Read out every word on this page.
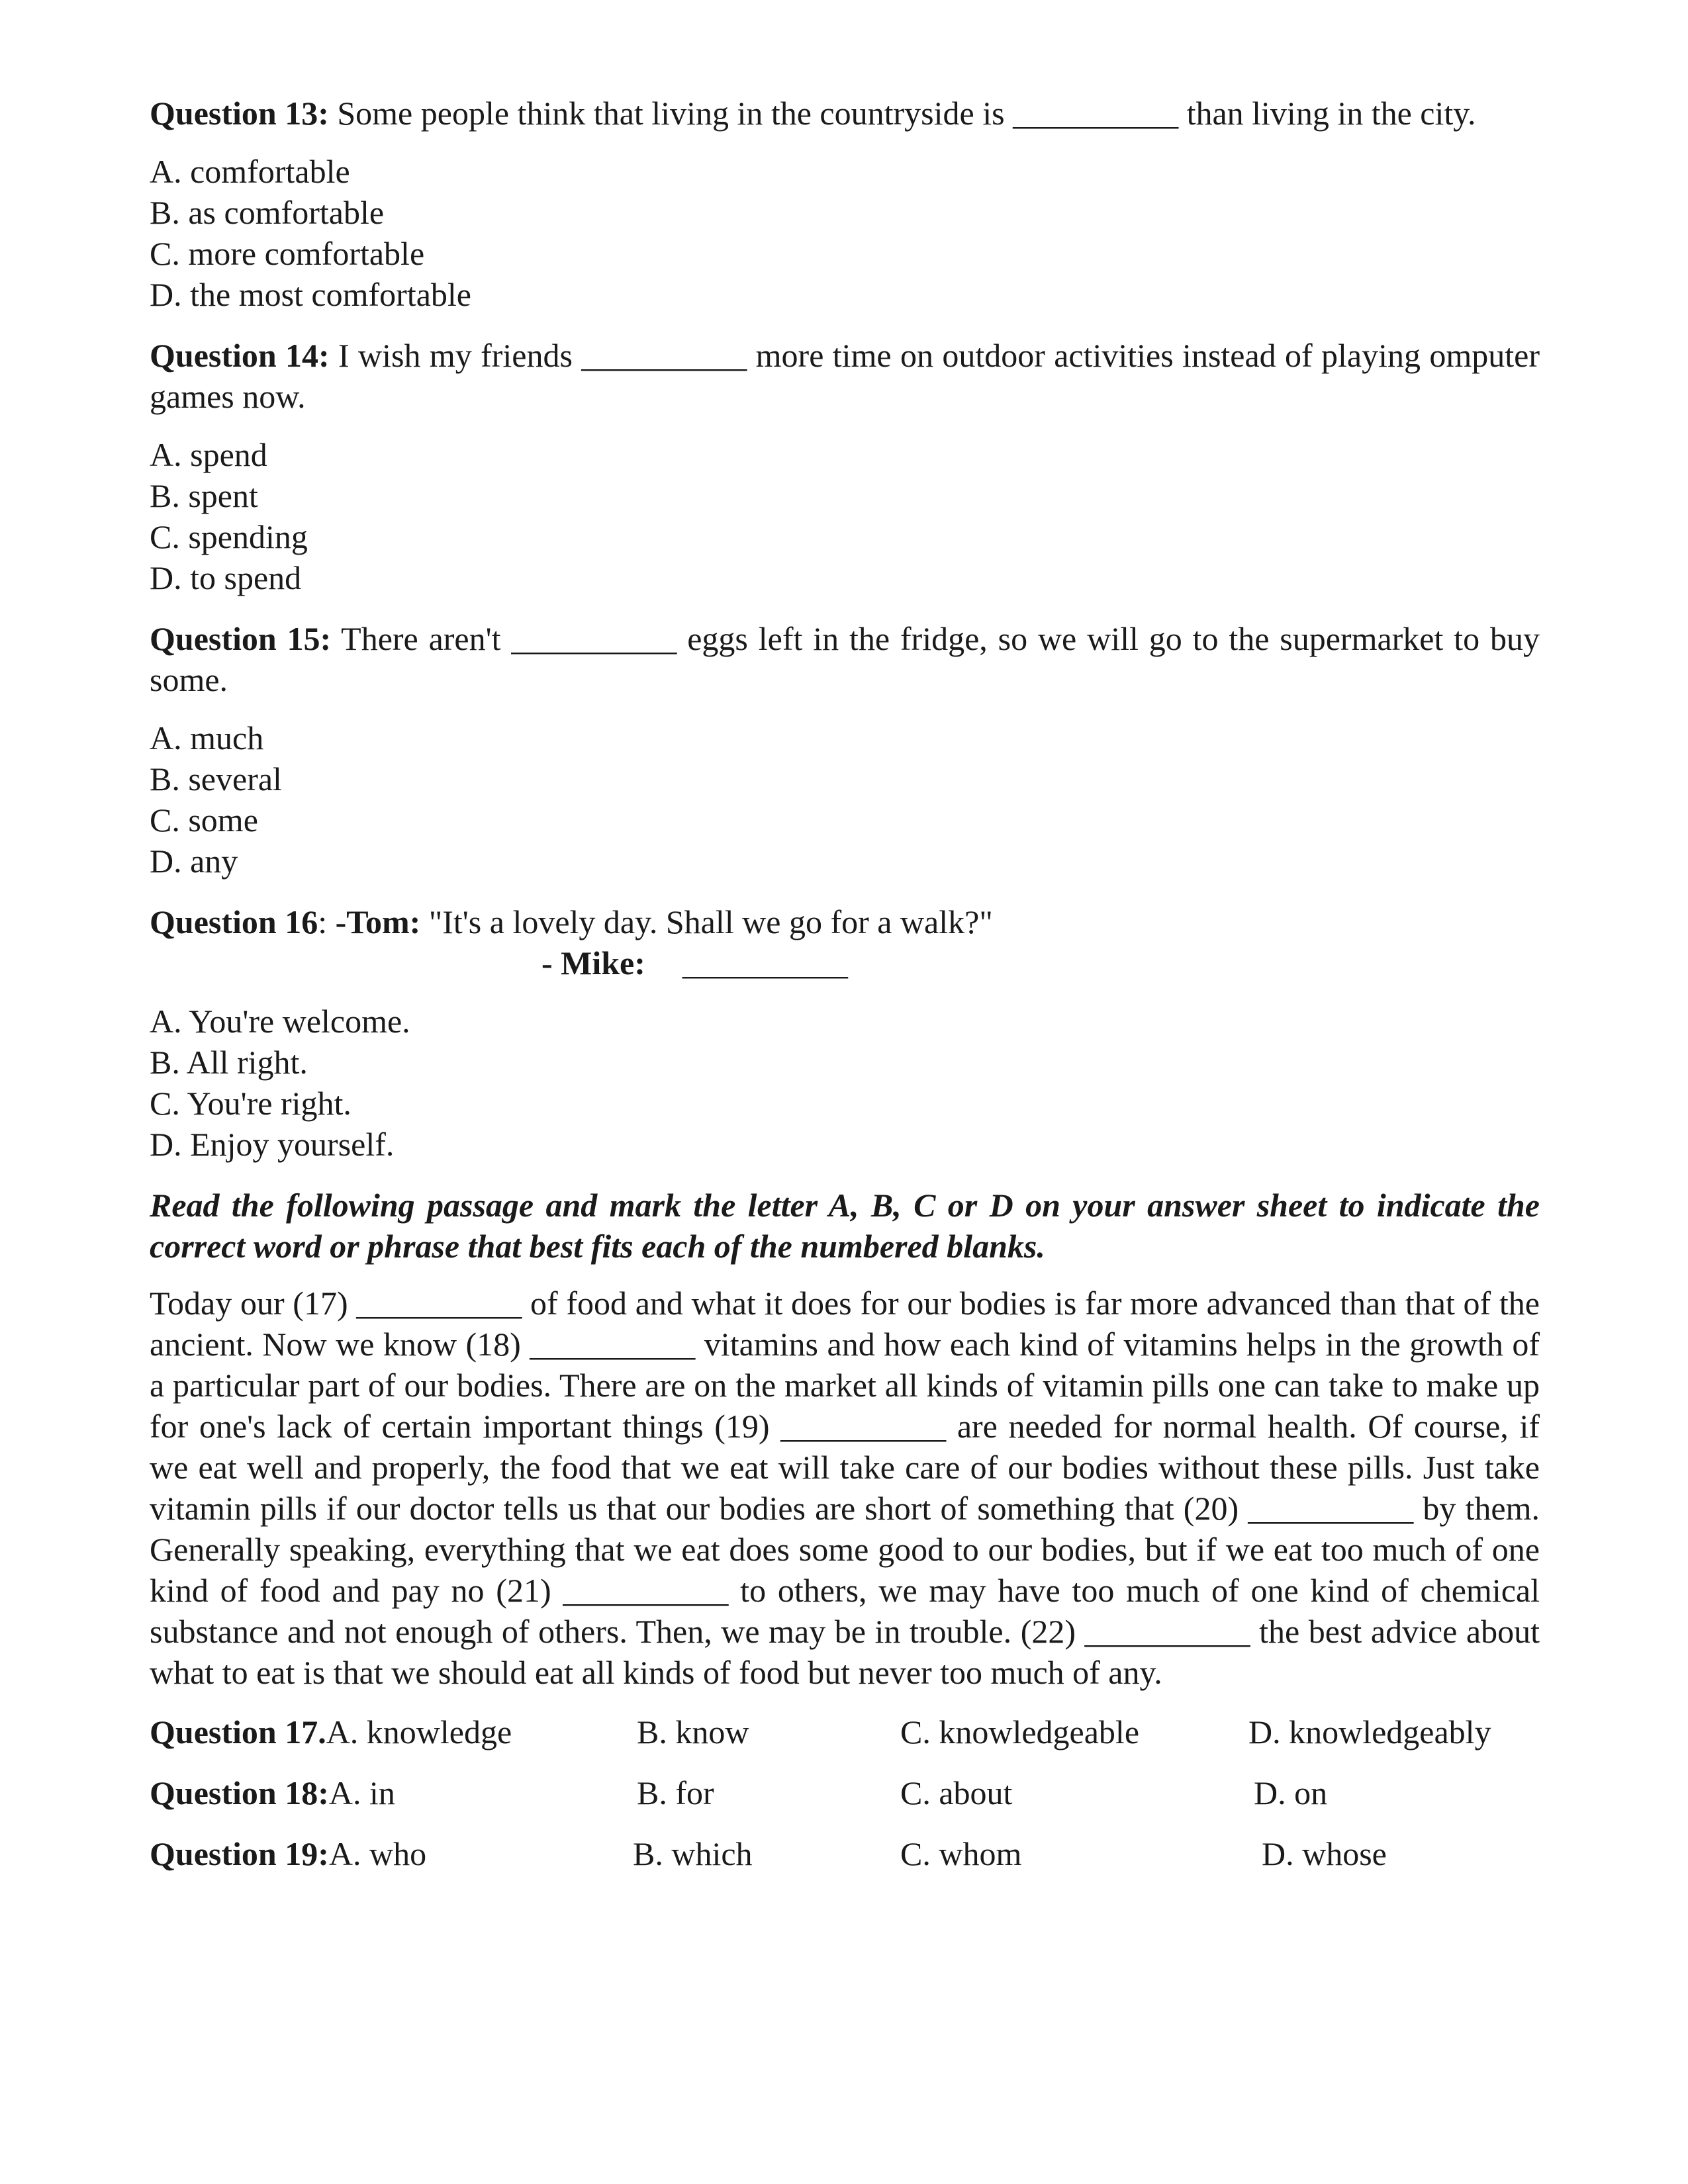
Question 13: Some people think that living in the countryside is __________ than living in the city.

A. comfortable
B. as comfortable
C. more comfortable
D. the most comfortable

Question 14: I wish my friends __________ more time on outdoor activities instead of playing omputer games now.

A. spend
B. spent
C. spending
D. to spend

Question 15: There aren't __________ eggs left in the fridge, so we will go to the supermarket to buy some.

A. much
B. several
C. some
D. any

Question 16: -Tom: "It's a lovely day. Shall we go for a walk?"

- Mike: __________

A. You're welcome.
B. All right.
C. You're right.
D. Enjoy yourself.

Read the following passage and mark the letter A, B, C or D on your answer sheet to indicate the correct word or phrase that best fits each of the numbered blanks.

Today our (17) __________ of food and what it does for our bodies is far more advanced than that of the ancient. Now we know (18) __________ vitamins and how each kind of vitamins helps in the growth of a particular part of our bodies. There are on the market all kinds of vitamin pills one can take to make up for one's lack of certain important things (19) __________ are needed for normal health. Of course, if we eat well and properly, the food that we eat will take care of our bodies without these pills. Just take vitamin pills if our doctor tells us that our bodies are short of something that (20) __________ by them. Generally speaking, everything that we eat does some good to our bodies, but if we eat too much of one kind of food and pay no (21) __________ to others, we may have too much of one kind of chemical substance and not enough of others. Then, we may be in trouble. (22) __________ the best advice about what to eat is that we should eat all kinds of food but never too much of any.

Question 17. A. knowledge	B. know	C. knowledgeable	D. knowledgeably
Question 18: A. in	B. for	C. about	D. on
Question 19: A. who	B. which	C. whom	D. whose
